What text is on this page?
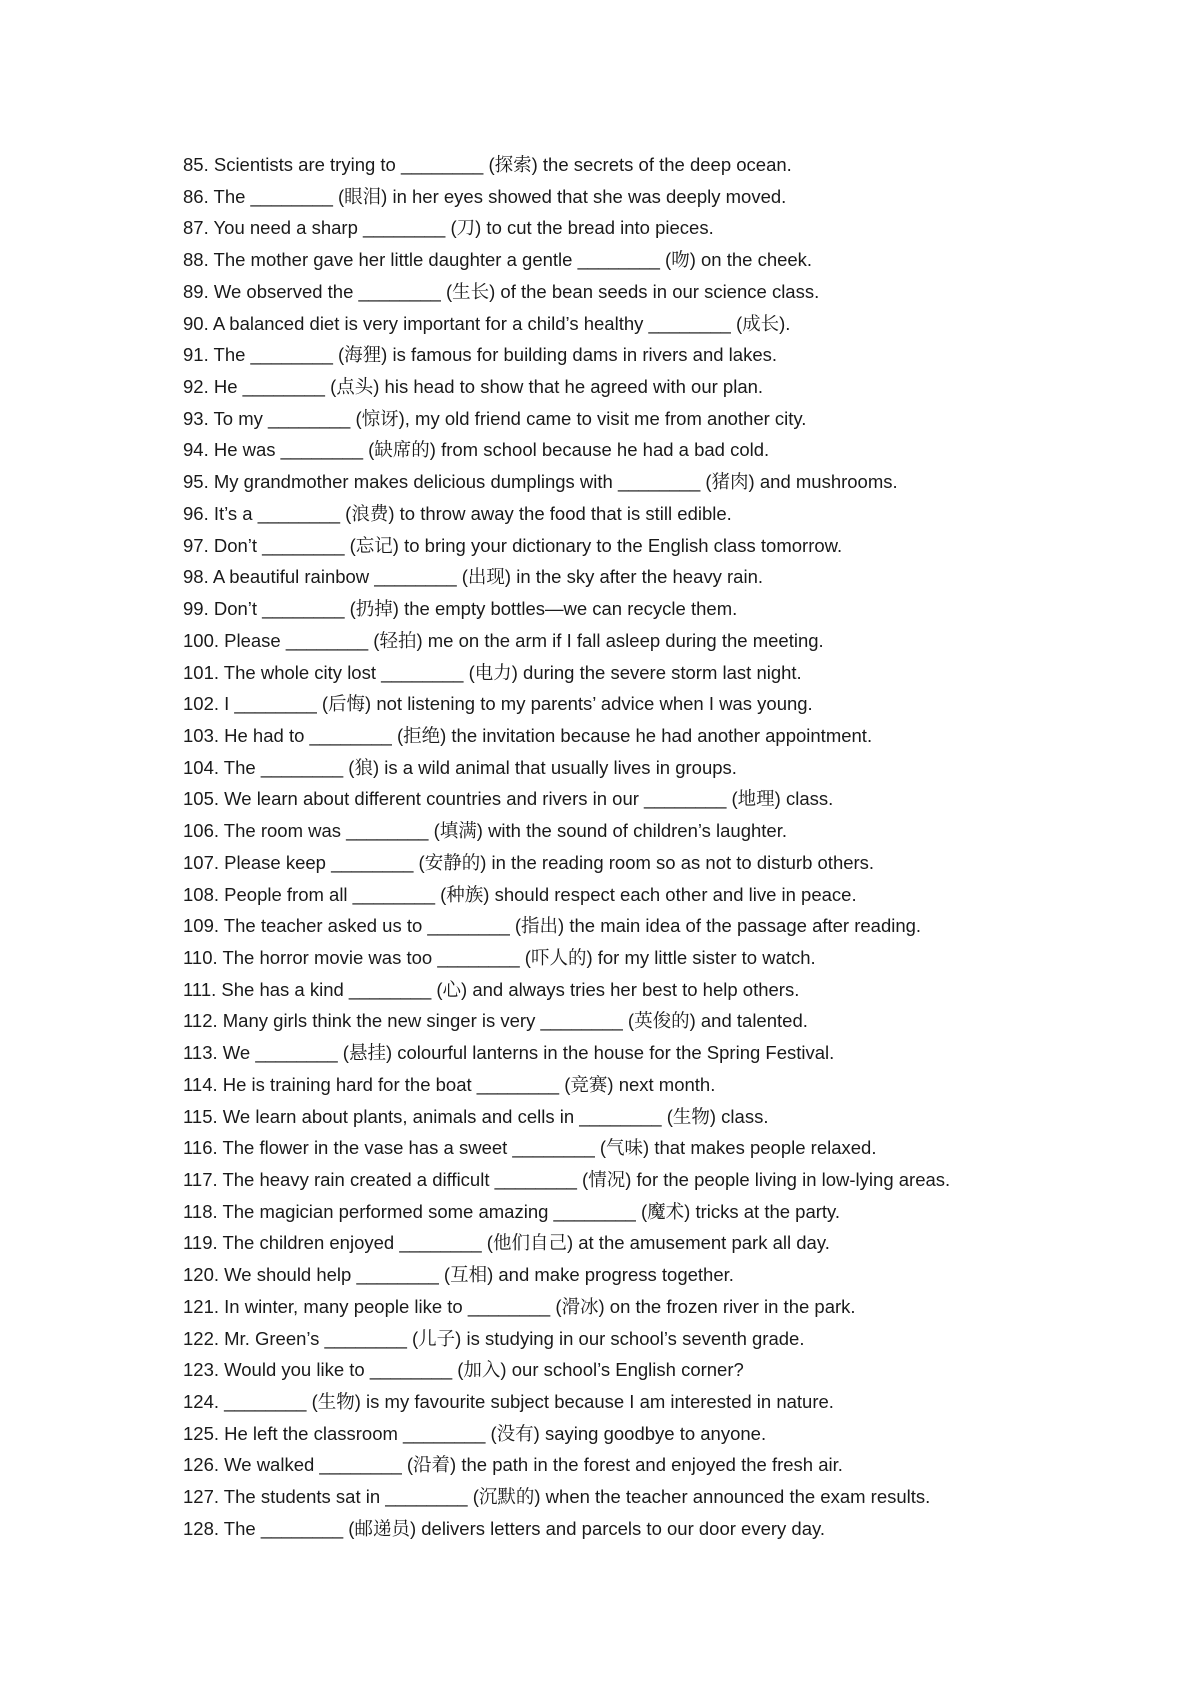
85. Scientists are trying to ________ (探索) the secrets of the deep ocean.
86. The ________ (眼泪) in her eyes showed that she was deeply moved.
87. You need a sharp ________ (刀) to cut the bread into pieces.
88. The mother gave her little daughter a gentle ________ (吻) on the cheek.
89. We observed the ________ (生长) of the bean seeds in our science class.
90. A balanced diet is very important for a child’s healthy ________ (成长).
91. The ________ (海狸) is famous for building dams in rivers and lakes.
92. He ________ (点头) his head to show that he agreed with our plan.
93. To my ________ (惊讶), my old friend came to visit me from another city.
94. He was ________ (缺席的) from school because he had a bad cold.
95. My grandmother makes delicious dumplings with ________ (猪肉) and mushrooms.
96. It’s a ________ (浪费) to throw away the food that is still edible.
97. Don’t ________ (忘记) to bring your dictionary to the English class tomorrow.
98. A beautiful rainbow ________ (出现) in the sky after the heavy rain.
99. Don’t ________ (扔掉) the empty bottles—we can recycle them.
100. Please ________ (轻拍) me on the arm if I fall asleep during the meeting.
101. The whole city lost ________ (电力) during the severe storm last night.
102. I ________ (后悔) not listening to my parents’ advice when I was young.
103. He had to ________ (拒绝) the invitation because he had another appointment.
104. The ________ (狼) is a wild animal that usually lives in groups.
105. We learn about different countries and rivers in our ________ (地理) class.
106. The room was ________ (填满) with the sound of children’s laughter.
107. Please keep ________ (安静的) in the reading room so as not to disturb others.
108. People from all ________ (种族) should respect each other and live in peace.
109. The teacher asked us to ________ (指出) the main idea of the passage after reading.
110. The horror movie was too ________ (吓人的) for my little sister to watch.
111. She has a kind ________ (心) and always tries her best to help others.
112. Many girls think the new singer is very ________ (英俊的) and talented.
113. We ________ (悬挂) colourful lanterns in the house for the Spring Festival.
114. He is training hard for the boat ________ (竞赛) next month.
115. We learn about plants, animals and cells in ________ (生物) class.
116. The flower in the vase has a sweet ________ (气味) that makes people relaxed.
117. The heavy rain created a difficult ________ (情况) for the people living in low-lying areas.
118. The magician performed some amazing ________ (魔术) tricks at the party.
119. The children enjoyed ________ (他们自己) at the amusement park all day.
120. We should help ________ (互相) and make progress together.
121. In winter, many people like to ________ (滑冰) on the frozen river in the park.
122. Mr. Green’s ________ (儿子) is studying in our school’s seventh grade.
123. Would you like to ________ (加入) our school’s English corner?
124. ________ (生物) is my favourite subject because I am interested in nature.
125. He left the classroom ________ (没有) saying goodbye to anyone.
126. We walked ________ (沿着) the path in the forest and enjoyed the fresh air.
127. The students sat in ________ (沉默的) when the teacher announced the exam results.
128. The ________ (邮递员) delivers letters and parcels to our door every day.
